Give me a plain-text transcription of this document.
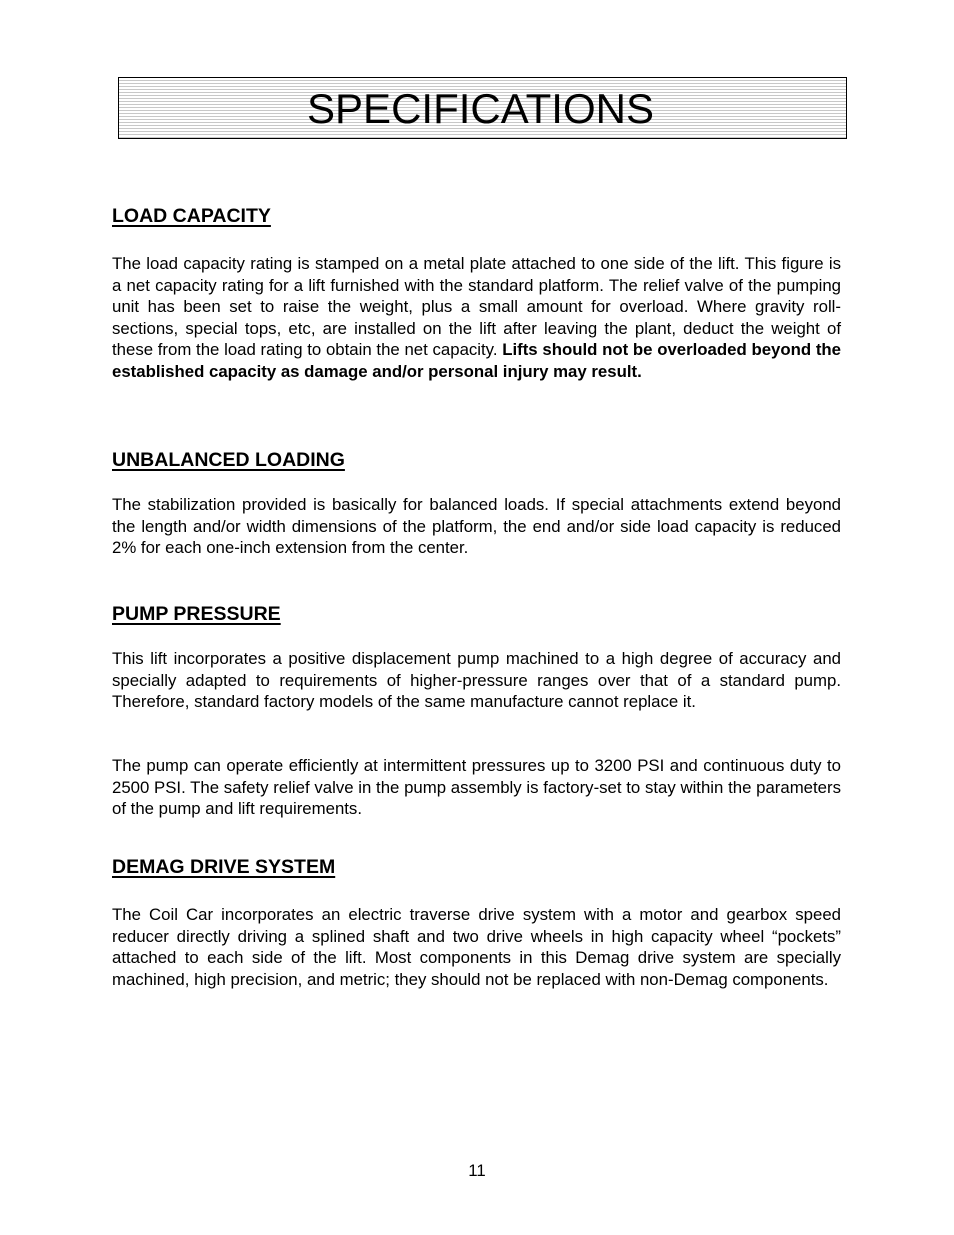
SPECIFICATIONS
LOAD CAPACITY

The load capacity rating is stamped on a metal plate attached to one side of the lift. This figure is a net capacity rating for a lift furnished with the standard platform. The relief valve of the pumping unit has been set to raise the weight, plus a small amount for overload. Where gravity roll-sections, special tops, etc, are installed on the lift after leaving the plant, deduct the weight of these from the load rating to obtain the net capacity. Lifts should not be overloaded beyond the established capacity as damage and/or personal injury may result.

UNBALANCED LOADING

The stabilization provided is basically for balanced loads. If special attachments extend beyond the length and/or width dimensions of the platform, the end and/or side load capacity is reduced 2% for each one-inch extension from the center.

PUMP PRESSURE

This lift incorporates a positive displacement pump machined to a high degree of accuracy and specially adapted to requirements of higher-pressure ranges over that of a standard pump. Therefore, standard factory models of the same manufacture cannot replace it.

The pump can operate efficiently at intermittent pressures up to 3200 PSI and continuous duty to 2500 PSI. The safety relief valve in the pump assembly is factory-set to stay within the parameters of the pump and lift requirements.

DEMAG DRIVE SYSTEM

The Coil Car incorporates an electric traverse drive system with a motor and gearbox speed reducer directly driving a splined shaft and two drive wheels in high capacity wheel “pockets” attached to each side of the lift. Most components in this Demag drive system are specially machined, high precision, and metric; they should not be replaced with non-Demag components.

11
